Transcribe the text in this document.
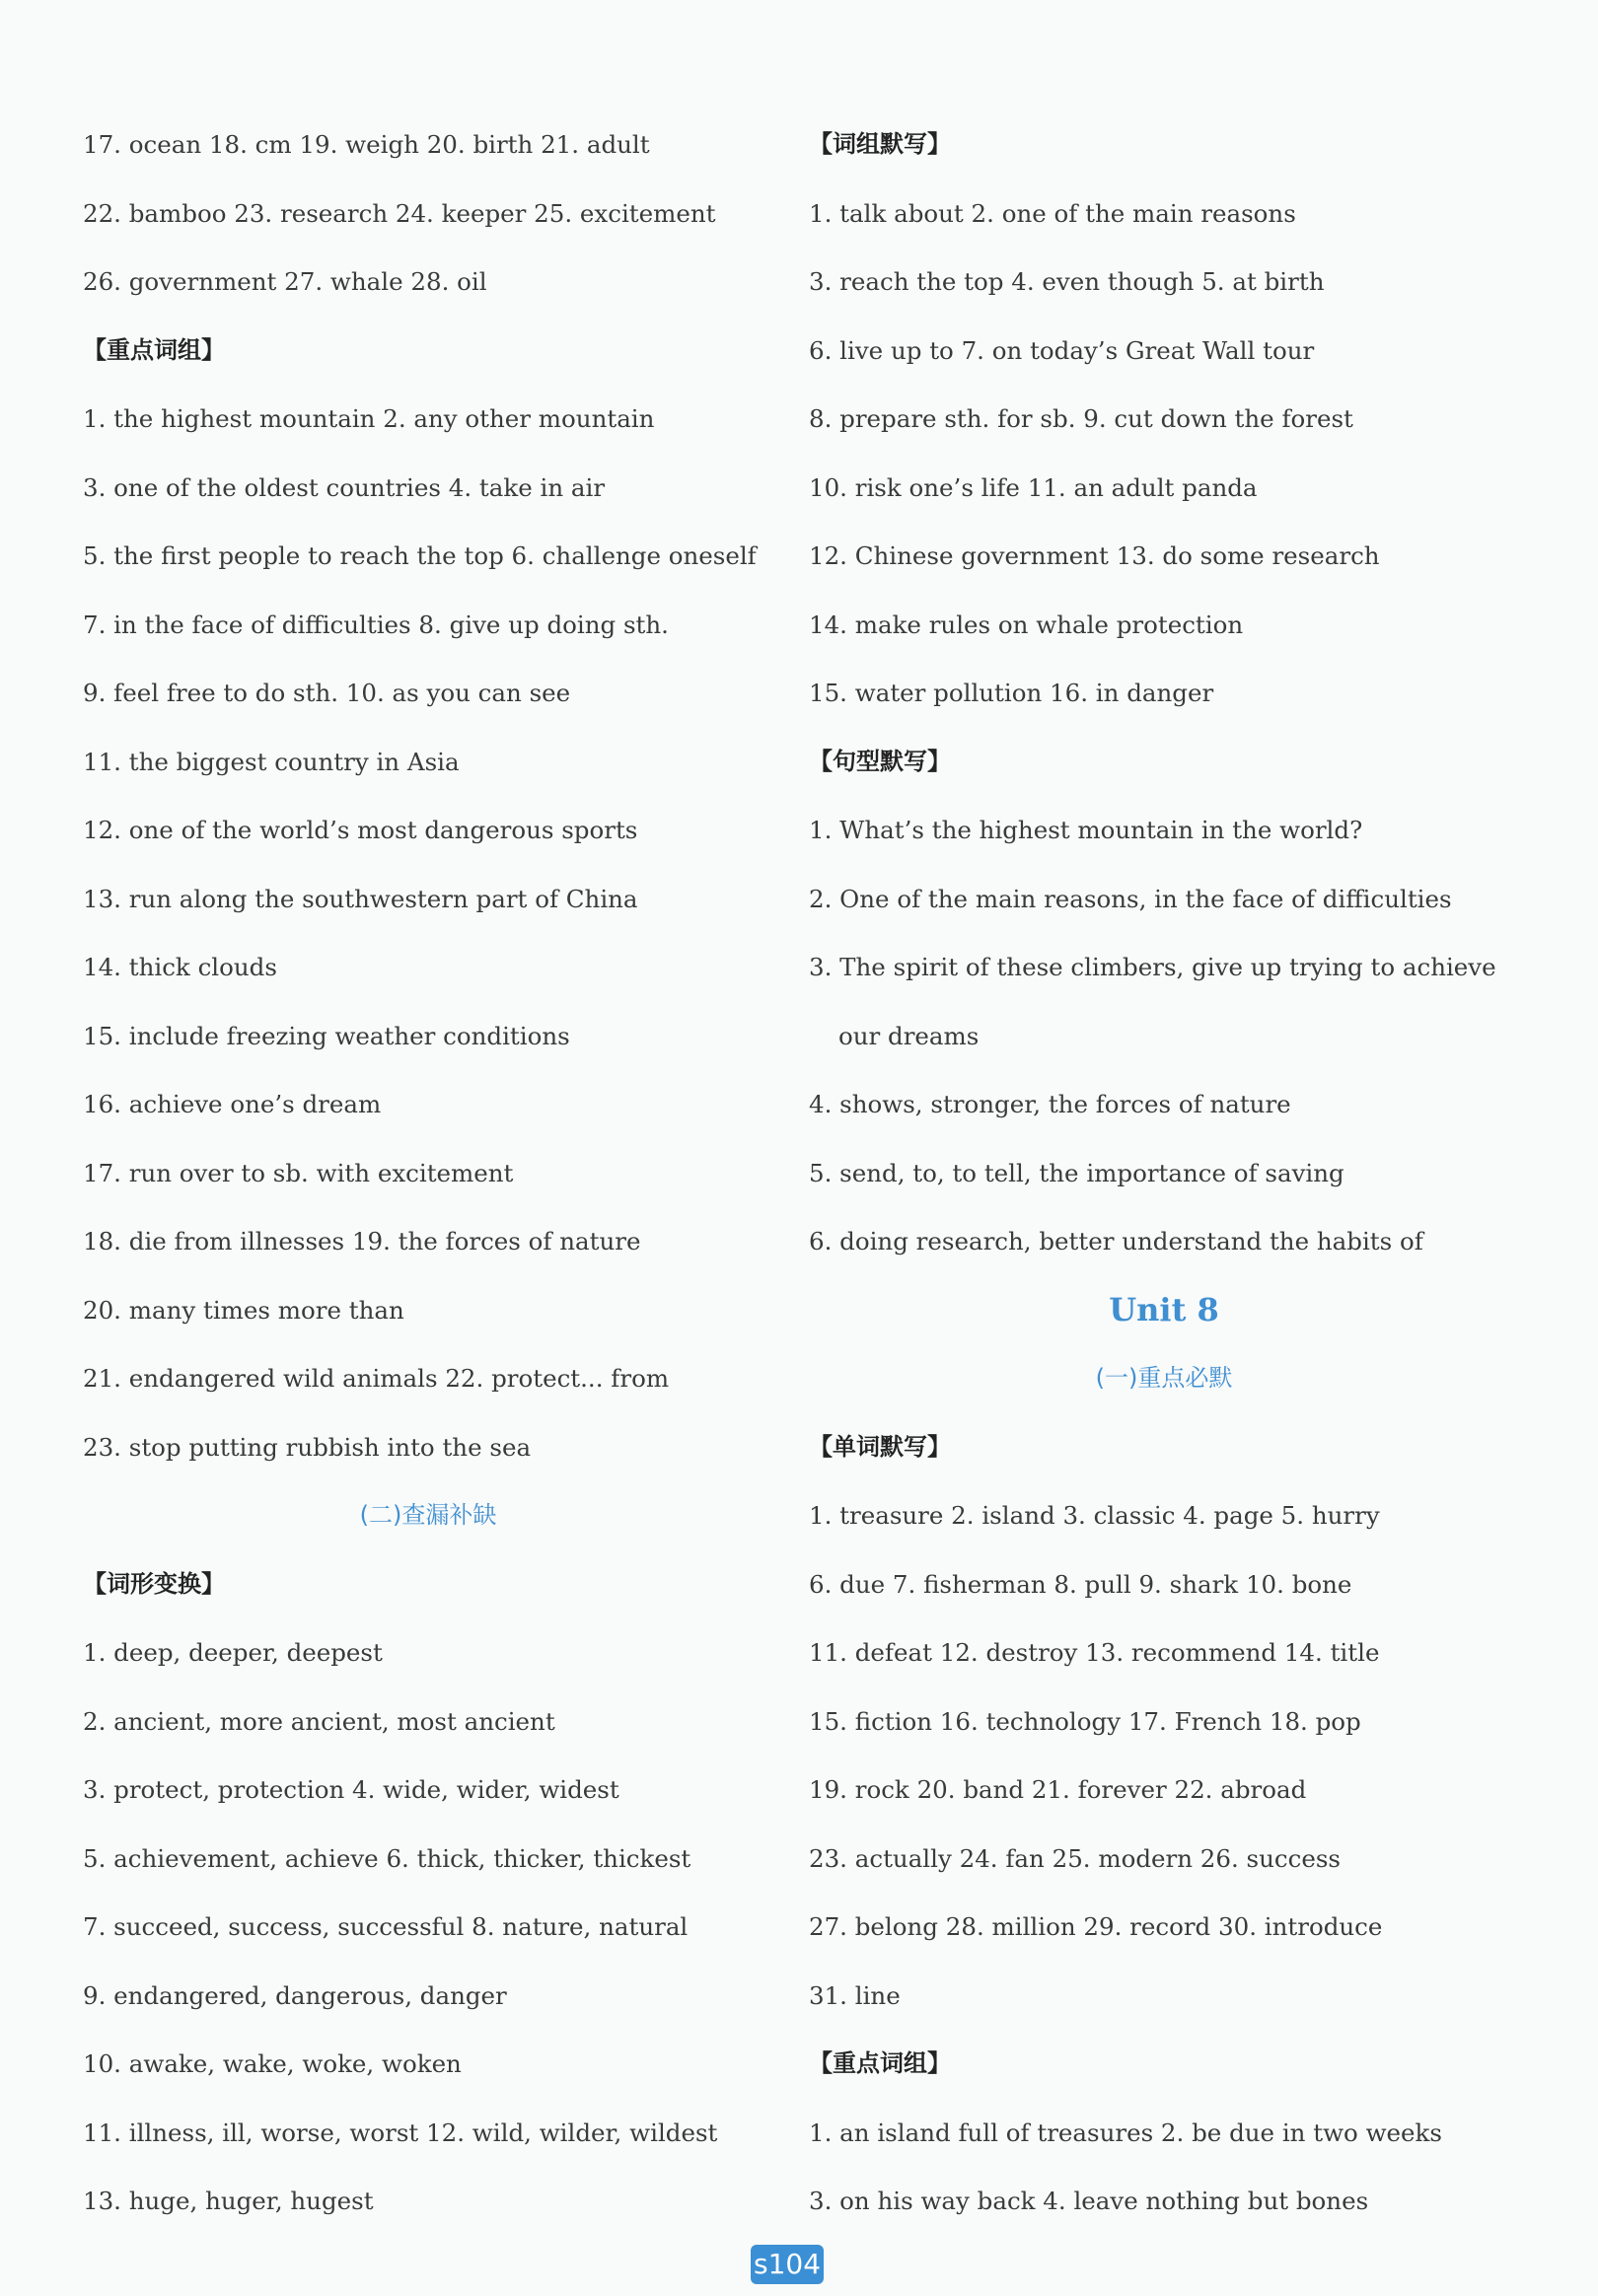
17. ocean 18. cm 19. weigh 20. birth 21. adult
22. bamboo 23. research 24. keeper 25. excitement
26. government 27. whale 28. oil
【重点词组】
1. the highest mountain 2. any other mountain
3. one of the oldest countries 4. take in air
5. the first people to reach the top 6. challenge oneself
7. in the face of difficulties 8. give up doing sth.
9. feel free to do sth. 10. as you can see
11. the biggest country in Asia
12. one of the world’s most dangerous sports
13. run along the southwestern part of China
14. thick clouds
15. include freezing weather conditions
16. achieve one’s dream
17. run over to sb. with excitement
18. die from illnesses 19. the forces of nature
20. many times more than
21. endangered wild animals 22. protect... from
23. stop putting rubbish into the sea
(二)查漏补缺
【词形变换】
1. deep, deeper, deepest
2. ancient, more ancient, most ancient
3. protect, protection 4. wide, wider, widest
5. achievement, achieve 6. thick, thicker, thickest
7. succeed, success, successful 8. nature, natural
9. endangered, dangerous, danger
10. awake, wake, woke, woken
11. illness, ill, worse, worst 12. wild, wilder, wildest
13. huge, huger, hugest
【词组默写】
1. talk about 2. one of the main reasons
3. reach the top 4. even though 5. at birth
6. live up to 7. on today’s Great Wall tour
8. prepare sth. for sb. 9. cut down the forest
10. risk one’s life 11. an adult panda
12. Chinese government 13. do some research
14. make rules on whale protection
15. water pollution 16. in danger
【句型默写】
1. What’s the highest mountain in the world?
2. One of the main reasons, in the face of difficulties
3. The spirit of these climbers, give up trying to achieve
our dreams
4. shows, stronger, the forces of nature
5. send, to, to tell, the importance of saving
6. doing research, better understand the habits of
Unit 8
(一)重点必默
【单词默写】
1. treasure 2. island 3. classic 4. page 5. hurry
6. due 7. fisherman 8. pull 9. shark 10. bone
11. defeat 12. destroy 13. recommend 14. title
15. fiction 16. technology 17. French 18. pop
19. rock 20. band 21. forever 22. abroad
23. actually 24. fan 25. modern 26. success
27. belong 28. million 29. record 30. introduce
31. line
【重点词组】
1. an island full of treasures 2. be due in two weeks
3. on his way back 4. leave nothing but bones
s104
